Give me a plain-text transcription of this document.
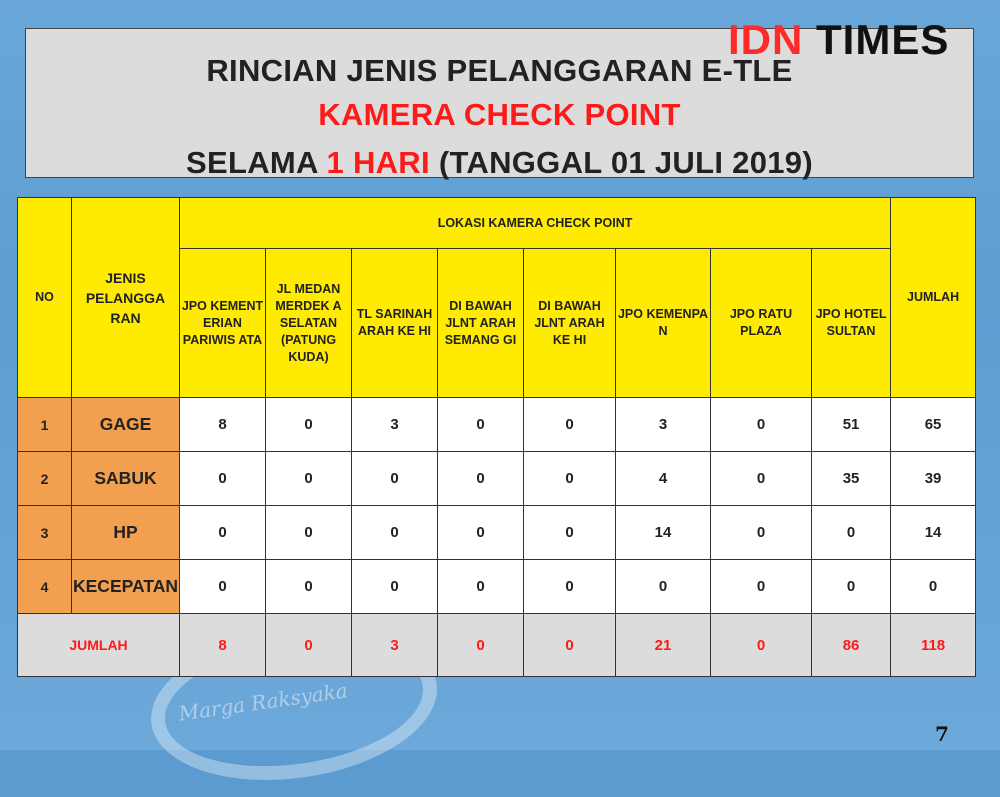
Marga Raksyaka
RINCIAN JENIS PELANGGARAN E-TLE
KAMERA CHECK POINT
SELAMA 1 HARI (TANGGAL 01 JULI 2019)
IDN TIMES
NO	JENIS PELANGGA RAN	LOKASI KAMERA CHECK POINT								JUMLAH
		JPO KEMENT ERIAN PARIWIS ATA	JL MEDAN MERDEK A SELATAN (PATUNG KUDA)	TL SARINAH ARAH KE HI	DI BAWAH JLNT ARAH SEMANG GI	DI BAWAH JLNT ARAH KE HI	JPO KEMENPA N	JPO RATU PLAZA	JPO HOTEL SULTAN	
1	GAGE	8	0	3	0	0	3	0	51	65
2	SABUK	0	0	0	0	0	4	0	35	39
3	HP	0	0	0	0	0	14	0	0	14
4	KECEPATAN	0	0	0	0	0	0	0	0	0
JUMLAH		8	0	3	0	0	21	0	86	118
7
